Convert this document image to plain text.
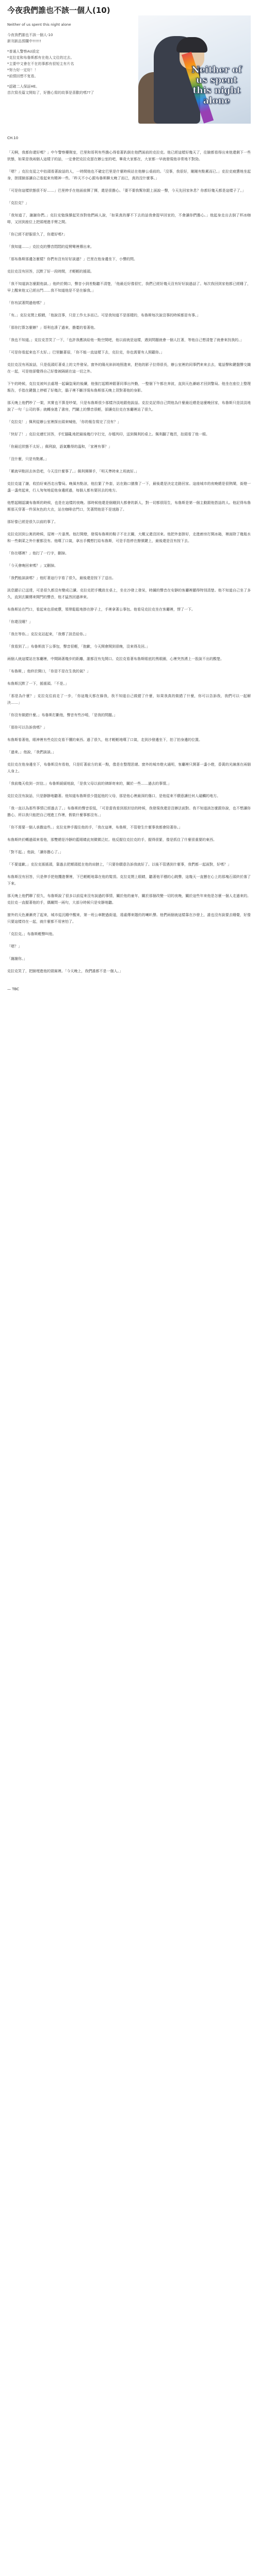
今夜我們誰也不該一個人(10)
Neither of us spent this night alone
今夜我們誰也不該一個人-10
新刊新品預購中!!!!!!
*普通人警察AU設定
*克拉克和布魯斯都有在他人文往的过去。
*主要中文會在不在的事都有很短主有片名
*努力好一定好！！
*前情回想不复看。
*認確二人保証HE。
首次寫長篇文開始了，好擔心寫的故事是喜歡的嗎??了
Neither of us spent this night alone
CH.10
「天啊，我都你還好嗎？」中午警察藥劑室，巴里和哥利有些擔心得看著趴倒在他們面前的克拉克。他已經這樣好幾天了，往臉都看得出來他還剩下一些狀態，如果是我兩個人這樣子的話，一定會把克拉克留在辦公室的吧，畢竟大家都在，大家都一早就發現他非常地不對勁。
「嗯？」克拉克從之中抬頭看著說話的人，一時間他也不確定巴里是什麼時候站在他辦公桌前的。「沒事，我很好，剛剛有點累而已。」克拉克疲憊地坐起身，搓揉臉部讓自己看起來有精神一些。「昨天不小心跟布魯斯聊太晚了而已，真的沒什麼事。」
「可是你這樣狀態很不好……」巴里伸手在他面前揮了揮，還是很擔心。「要不要我幫你跟上面說一聲，今天先回家休息？你都好幾天都是這樣子了。」
「克拉克？」
「我知道了，謝謝你們。」克拉克勉強撐起笑容對他們兩人說，「如果真的撐不下去的話我會提早回家的，不會讓你們擔心。」他起身走出去倒了杯冰咖啡，又回到座位上把頭埋進手臂之間。
「你已經不舒服很久了，你還好嗎?」
「我知道……」克拉克的聲音悶悶的從臂彎裡傳出來。
「那布魯斯那邊怎麼樣？你們有沒有好好談過？」巴里在他身邊坐下，小聲的問。
克拉克沒有回答，沉默了好一段時間，才輕輕的搖頭。
「我不知道該怎麼跟他談。」他終於開口，聲音小到差點聽不清楚，「他最近好像很忙，我們已經好幾天沒有好好說過話了。每次我回到家他都已經睡了，早上醒來他又已經出門……我不知道他是不是在躲我。」
「你有試著問過他嗎？」
「有。」克拉克閉上眼睛，「他說沒事，只是工作太多而已。可是我知道不是那樣的，布魯斯每次說沒事的時候都是有事。」
「那你打算怎麼辦？」哥利也湊了過來，擔憂的看著他。
「我也不知道。」克拉克苦笑了一下，「也許我應該給他一點空間吧，他以前就是這樣，遇到問題就會一個人扛著，等他自己想清楚了就會來找我的。」
「可是你看起來也不太好。」巴里皺著眉，「你不能一直這樣下去，克拉克，你也需要有人照顧你。」
克拉克沒有再說話，只是低頭盯著桌上的文件發呆。窗外的陽光斜斜地照進來，把他的影子拉得很長，辦公室裡的同事們來來去去，電話聲和鍵盤聲交織在一起，可是他卻覺得自己好像被隔絕在這一切之外。
下午的時候，克拉克被叫去處理一起竊盜案的後續，他強打起精神跟著同事出外勤，一整個下午都在奔波，直到天色漸暗才回到警局。他坐在座位上整理報告，手指在鍵盤上停頓了好幾次，腦子裡不斷浮現布魯斯那天晚上背對著他的身影。
那天晚上他們吵了一架，其實也不算是吵架，只是布魯斯很少那樣冷淡地跟他說話。克拉克記得自己問他為什麼最近總是這麼晚回家，布魯斯只是淡淡地說了一句「公司的事」就轉身進了書房，門關上的聲音很輕，卻讓克拉克在客廳裡站了很久。
「克拉克！」佩利從辦公室裡探出頭來喊他，「你的報告寫完了沒有？」
「快好了！」克拉克連忙回答，手忙腳亂地把最後幾行字打完，存檔列印，送到佩利的桌上。佩利翻了幾頁，抬頭看了他一眼。
「你最近狀態不太好。」佩利說，語氣難得的溫和，「家裡有事？」
「沒什麼，只是有點累。」
「累就早點回去休息吧，今天沒什麼事了。」佩利揮揮手，「明天準時來上班就好。」
克拉克道了謝，收拾好東西走出警局。晚風有點涼，他拉緊了外套，站在路口猶豫了一下，最後還是決定走路回家。這座城市的夜晚總是很熱鬧，街燈一盞一盞亮起來，行人匆匆地從他身邊經過，每個人都有要回去的地方。
他想起剛認識布魯斯的時候，也是在這樣的夜晚。那時候他還是個剛到大都會的新人，對一切都很陌生，布魯斯是第一個主動跟他搭話的人。他記得布魯斯那天穿著一件深灰色的大衣，站在咖啡店門口，笑著問他是不是迷路了。
那好像已經是很久以前的事了。
克拉克回到公寓的時候，屋裡一片漆黑。他打開燈，發現布魯斯的鞋子不在玄關，大概又還沒回來。他把外套掛好，走進廚房打開冰箱，裡面除了幾瓶水和一些剩菜之外什麼都沒有。他嘆了口氣，拿出手機想打給布魯斯，可是手指停在撥號鍵上，最後還是沒有按下去。
「你在哪裡？」他打了一行字，刪掉。
「今天會晚回來嗎？」又刪掉。
「我們能談談嗎？」他盯著這行字看了很久，最後還是按下了送出。
訊息顯示已送達，可是很久都沒有變成已讀。克拉克把手機放在桌上，坐在沙發上發呆，時鐘的聲音在安靜的客廳裡顯得特別清楚。他不知道自己坐了多久，直到玄關傳來開門的聲音，他才猛然回過神來。
布魯斯站在門口，看起來也很疲憊，領帶鬆鬆地掛在脖子上，手裡拿著公事包。他看見克拉克坐在客廳裡，愣了一下。
「你還沒睡？」
「我在等你。」克拉克站起來，「我傳了訊息給你。」
「我看到了。」布魯斯放下公事包，聲音很輕，「抱歉，今天開會開到很晚，沒來得及回。」
兩個人就這樣站在客廳裡，中間隔著幾步的距離，誰都沒有先開口。克拉克看著布魯斯眼底的黑眼圈，心裡突然湧上一股說不出的酸楚。
「布魯斯，」他終於開口，「你是不是在生我的氣？」
布魯斯沉默了一下，搖搖頭。「不是。」
「那是為什麼？」克拉克往前走了一步，「你這幾天都在躲我，我不知道自己做錯了什麼，如果我真的做錯了什麼，你可以告訴我，我們可以一起解決……」
「你沒有做錯什麼。」布魯斯打斷他，聲音有些沙啞，「是我的問題。」
「那你可以告訴我嗎？」
布魯斯看著他，眼神裡有些克拉克看不懂的東西。過了很久，他才輕輕地嘆了口氣，走到沙發邊坐下，拍了拍身邊的位置。
「過來。」他說，「我們談談。」
克拉克在他身邊坐下，布魯斯沒有看他，只是盯著前方的某一點，像是在整理思緒。窗外的城市燈火通明，客廳裡只開著一盞小燈，昏黃的光線落在兩個人身上。
「我前幾天收到一封信。」布魯斯緩緩地說，「是我父母以前的律師寄來的，關於一些……過去的事情。」
克拉克沒有說話，只是靜靜地聽著。他知道布魯斯很少提起他的父母，那是他心裡最深的傷口，是他從來不願意讓任何人碰觸的地方。
「我一直以為那些事情已經過去了。」布魯斯的聲音很低，「可是當我看到那封信的時候，我發現我還是沒辦法面對。我不知道該怎麼跟你說，也不想讓你擔心，所以我只能把自己埋進工作裡，假裝什麼事都沒有。」
「你不需要一個人承擔這些。」克拉克伸手握住他的手，「我在這裡，布魯斯，不管發生什麼事我都會陪著你。」
布魯斯終於轉過頭來看他，那雙總是冷靜的藍眼睛此刻微微泛紅。他反握住克拉克的手，握得很緊，像是抓住了什麼很重要的東西。
「對不起。」他說，「讓你擔心了。」
「不要道歉。」克拉克搖搖頭，靠過去把額頭抵在他的肩膀上，「只要你願意告訴我就好了。以後不管遇到什麼事，我們都一起面對，好嗎？」
布魯斯沒有回答，只是伸手把他攬進懷裡，下巴輕輕地靠在他的髮頂。克拉克閉上眼睛，聽著他平穩的心跳聲，這幾天一直懸在心上的那塊石頭終於落了下來。
那天晚上他們聊了很久，布魯斯說了很多以前從來沒有說過的事情，關於他的童年，關於那個改變一切的夜晚，關於這些年來他是怎麼一個人走過來的。克拉克一直握著他的手，偶爾問一兩句，大部分時候只是安靜地聽。
窗外的天色漸漸亮了起來，城市從沉睡中醒來，第一班公車駛過街道，遠處傳來隱約的喇叭聲。他們兩個就這樣靠在沙發上，誰也沒有說要去睡覺，好像只要這樣待在一起，就什麼都不用害怕了。
「克拉克。」布魯斯輕聲叫他。
「嗯？」
「謝謝你。」
克拉克笑了，把臉埋進他的頸窩裡。「今天晚上，我們誰都不是一個人。」
— TBC
